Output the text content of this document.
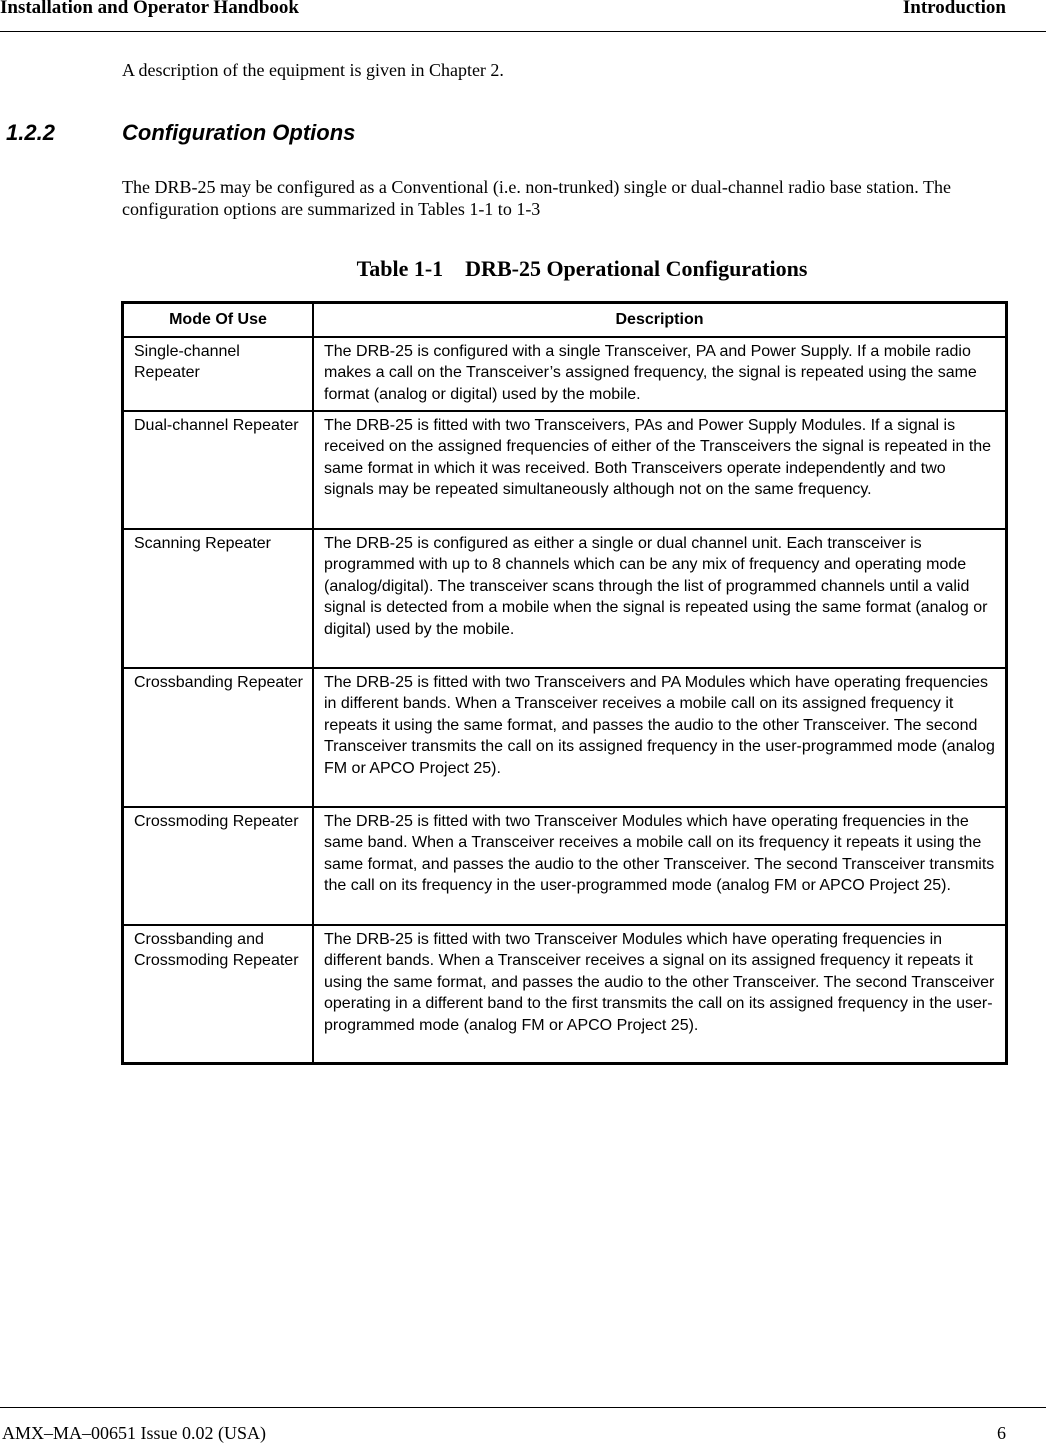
Installation and Operator Handbook	Introduction
A description of the equipment is given in Chapter 2.
1.2.2	Configuration Options
The DRB-25 may be configured as a Conventional (i.e. non-trunked) single or dual-channel radio base station. The configuration options are summarized in Tables 1-1 to 1-3
Table 1-1 DRB-25 Operational Configurations
Mode Of Use	Description
Single-channel Repeater	The DRB-25 is configured with a single Transceiver, PA and Power Supply. If a mobile radio makes a call on the Transceiver’s assigned frequency, the signal is repeated using the same format (analog or digital) used by the mobile.
Dual-channel Repeater	The DRB-25 is fitted with two Transceivers, PAs and Power Supply Modules. If a signal is received on the assigned frequencies of either of the Transceivers the signal is repeated in the same format in which it was received. Both Transceivers operate independently and two signals may be repeated simultaneously although not on the same frequency.
Scanning Repeater	The DRB-25 is configured as either a single or dual channel unit. Each transceiver is programmed with up to 8 channels which can be any mix of frequency and operating mode (analog/digital). The transceiver scans through the list of programmed channels until a valid signal is detected from a mobile when the signal is repeated using the same format (analog or digital) used by the mobile.
Crossbanding Repeater	The DRB-25 is fitted with two Transceivers and PA Modules which have operating frequencies in different bands. When a Transceiver receives a mobile call on its assigned frequency it repeats it using the same format, and passes the audio to the other Transceiver. The second Transceiver transmits the call on its assigned frequency in the user-programmed mode (analog FM or APCO Project 25).
Crossmoding Repeater	The DRB-25 is fitted with two Transceiver Modules which have operating frequencies in the same band. When a Transceiver receives a mobile call on its frequency it repeats it using the same format, and passes the audio to the other Transceiver. The second Transceiver transmits the call on its frequency in the user-programmed mode (analog FM or APCO Project 25).
Crossbanding and Crossmoding Repeater	The DRB-25 is fitted with two Transceiver Modules which have operating frequencies in different bands. When a Transceiver receives a signal on its assigned frequency it repeats it using the same format, and passes the audio to the other Transceiver. The second Transceiver operating in a different band to the first transmits the call on its assigned frequency in the user-programmed mode (analog FM or APCO Project 25).
AMX–MA–00651 Issue 0.02 (USA)	6
